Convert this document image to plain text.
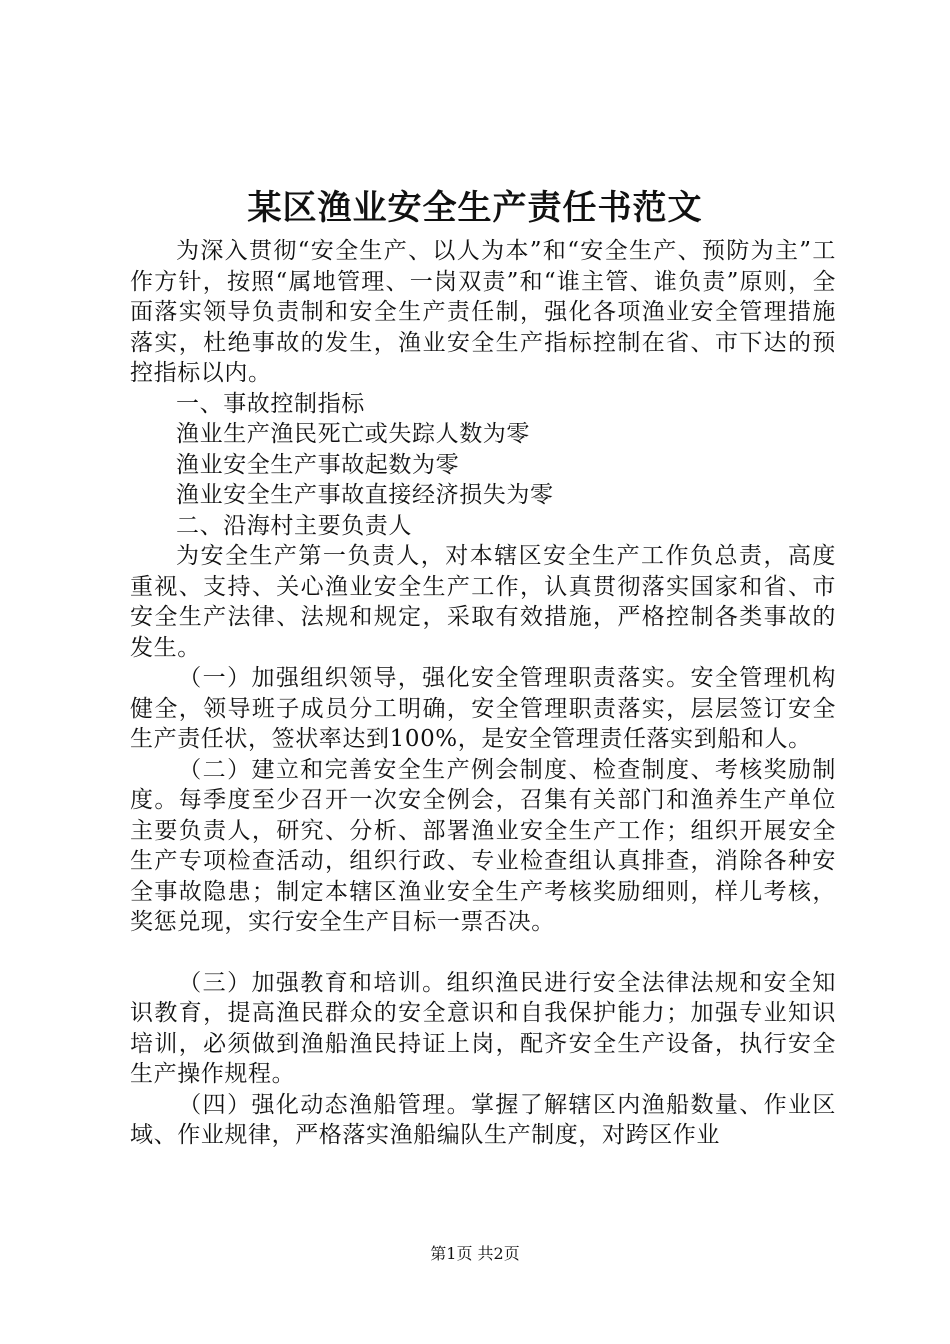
某区渔业安全生产责任书范文

为深入贯彻“安全生产、以人为本”和“安全生产、预防为主”工作方针，按照“属地管理、一岗双责”和“谁主管、谁负责”原则，全面落实领导负责制和安全生产责任制，强化各项渔业安全管理措施落实，杜绝事故的发生，渔业安全生产指标控制在省、市下达的预控指标以内。

一、事故控制指标

渔业生产渔民死亡或失踪人数为零

渔业安全生产事故起数为零

渔业安全生产事故直接经济损失为零

二、沿海村主要负责人

为安全生产第一负责人，对本辖区安全生产工作负总责，高度重视、支持、关心渔业安全生产工作，认真贯彻落实国家和省、市安全生产法律、法规和规定，采取有效措施，严格控制各类事故的发生。

（一）加强组织领导，强化安全管理职责落实。安全管理机构健全，领导班子成员分工明确，安全管理职责落实，层层签订安全生产责任状，签状率达到100%，是安全管理责任落实到船和人。

（二）建立和完善安全生产例会制度、检查制度、考核奖励制度。每季度至少召开一次安全例会，召集有关部门和渔养生产单位主要负责人，研究、分析、部署渔业安全生产工作；组织开展安全生产专项检查活动，组织行政、专业检查组认真排查，消除各种安全事故隐患；制定本辖区渔业安全生产考核奖励细则，样儿考核，奖惩兑现，实行安全生产目标一票否决。

（三）加强教育和培训。组织渔民进行安全法律法规和安全知识教育，提高渔民群众的安全意识和自我保护能力；加强专业知识培训，必须做到渔船渔民持证上岗，配齐安全生产设备，执行安全生产操作规程。

（四）强化动态渔船管理。掌握了解辖区内渔船数量、作业区域、作业规律，严格落实渔船编队生产制度，对跨区作业

第1页 共2页
